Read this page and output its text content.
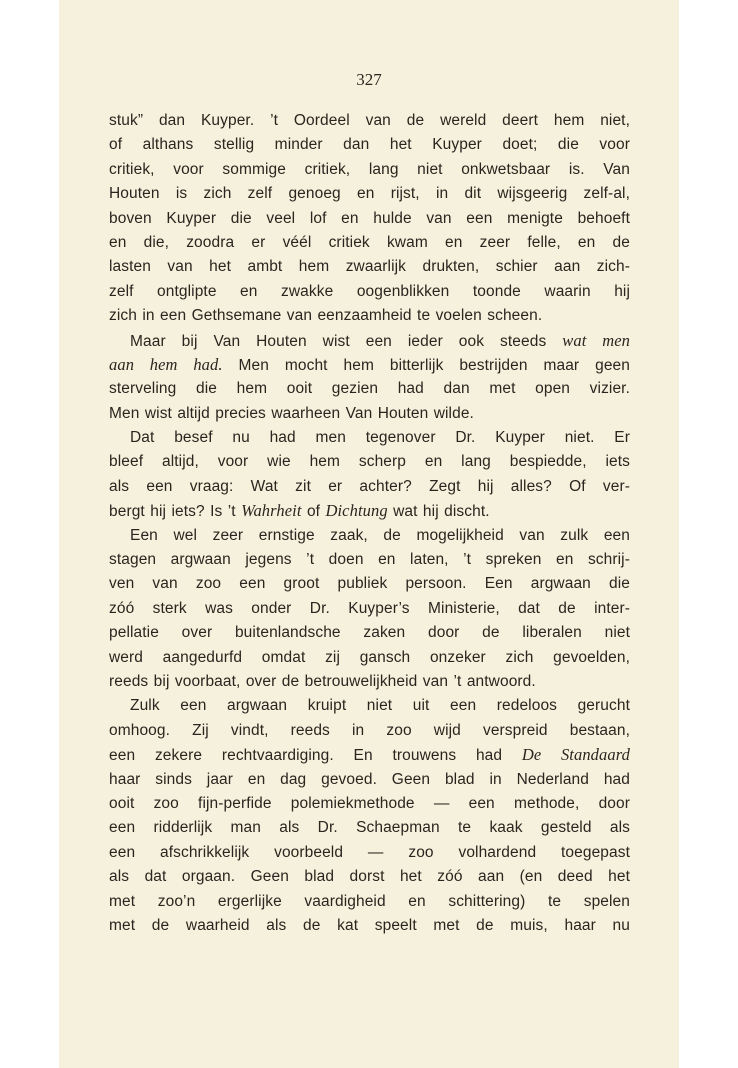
327
stuk” dan Kuyper. ’t Oordeel van de wereld deert hem niet,
of althans stellig minder dan het Kuyper doet; die voor
critiek, voor sommige critiek, lang niet onkwetsbaar is. Van
Houten is zich zelf genoeg en rijst, in dit wijsgeerig zelf-al,
boven Kuyper die veel lof en hulde van een menigte behoeft
en die, zoodra er véél critiek kwam en zeer felle, en de
lasten van het ambt hem zwaarlijk drukten, schier aan zich-
zelf ontglipte en zwakke oogenblikken toonde waarin hij
zich in een Gethsemane van eenzaamheid te voelen scheen.
Maar bij Van Houten wist een ieder ook steeds wat men
aan hem had. Men mocht hem bitterlijk bestrijden maar geen
sterveling die hem ooit gezien had dan met open vizier.
Men wist altijd precies waarheen Van Houten wilde.
Dat besef nu had men tegenover Dr. Kuyper niet. Er
bleef altijd, voor wie hem scherp en lang bespiedde, iets
als een vraag: Wat zit er achter? Zegt hij alles? Of ver-
bergt hij iets? Is ’t Wahrheit of Dichtung wat hij discht.
Een wel zeer ernstige zaak, de mogelijkheid van zulk een
stagen argwaan jegens ’t doen en laten, ’t spreken en schrij-
ven van zoo een groot publiek persoon. Een argwaan die
zóó sterk was onder Dr. Kuyper’s Ministerie, dat de inter-
pellatie over buitenlandsche zaken door de liberalen niet
werd aangedurfd omdat zij gansch onzeker zich gevoelden,
reeds bij voorbaat, over de betrouwelijkheid van ’t antwoord.
Zulk een argwaan kruipt niet uit een redeloos gerucht
omhoog. Zij vindt, reeds in zoo wijd verspreid bestaan,
een zekere rechtvaardiging. En trouwens had De Standaard
haar sinds jaar en dag gevoed. Geen blad in Nederland had
ooit zoo fijn-perfide polemiekmethode — een methode, door
een ridderlijk man als Dr. Schaepman te kaak gesteld als
een afschrikkelijk voorbeeld — zoo volhardend toegepast
als dat orgaan. Geen blad dorst het zóó aan (en deed het
met zoo’n ergerlijke vaardigheid en schittering) te spelen
met de waarheid als de kat speelt met de muis, haar nu
